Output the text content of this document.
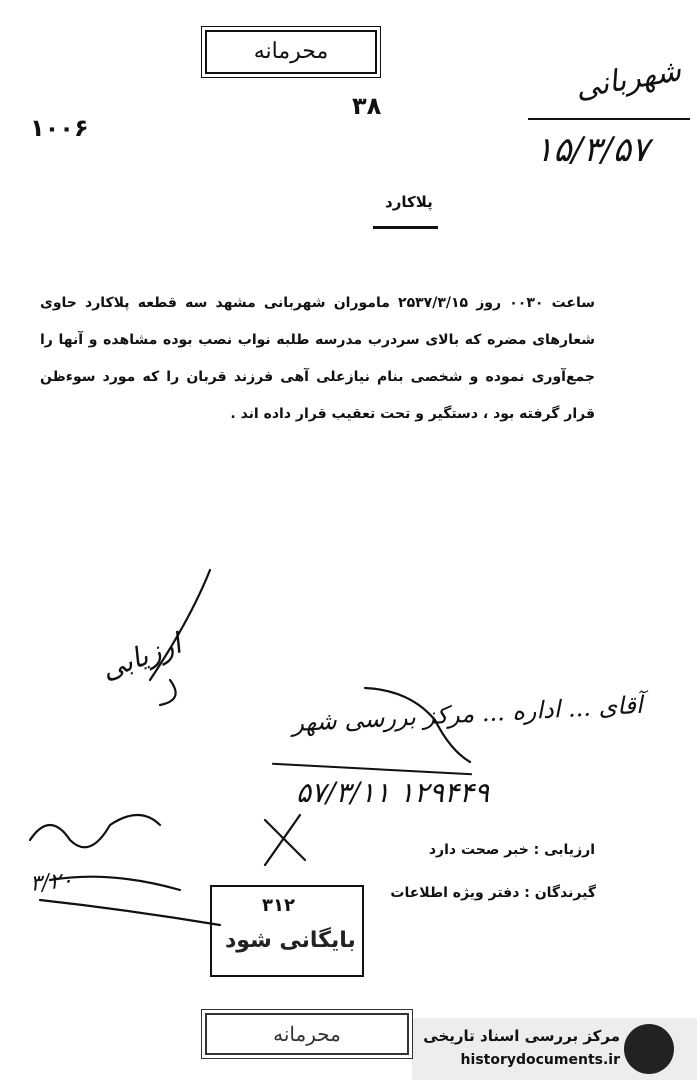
محرمانه
۳۸
۱۰۰۶
شهربانی
۱۵/۳/۵۷
پلاکارد
ساعت ۰۰۳۰ روز ۲۵۳۷/۳/۱۵ ماموران شهربانی مشهد سه قطعه پلاکارد حاوی شعارهای مضره که بالای سردرب مدرسه طلبه نواب نصب بوده مشاهده و آنها را جمع‌آوری نموده و شخصی بنام نیازعلی آهی فرزند قربان را که مورد سوءظن قرار گرفته بود ، دستگیر و تحت تعقیب قرار داده اند .
ارزیابی
آقای ... اداره ... مرکز بررسی شهر
۱۲۹۴۴۹ ۵۷/۳/۱۱
۳/۲۰
ارزیابی : خبر صحت دارد
گیرندگان : دفتر ویژه اطلاعات
۳۱۲
بایگانی شود
محرمانه	مرکز بررسی اسناد تاریخی
historydocuments.ir
